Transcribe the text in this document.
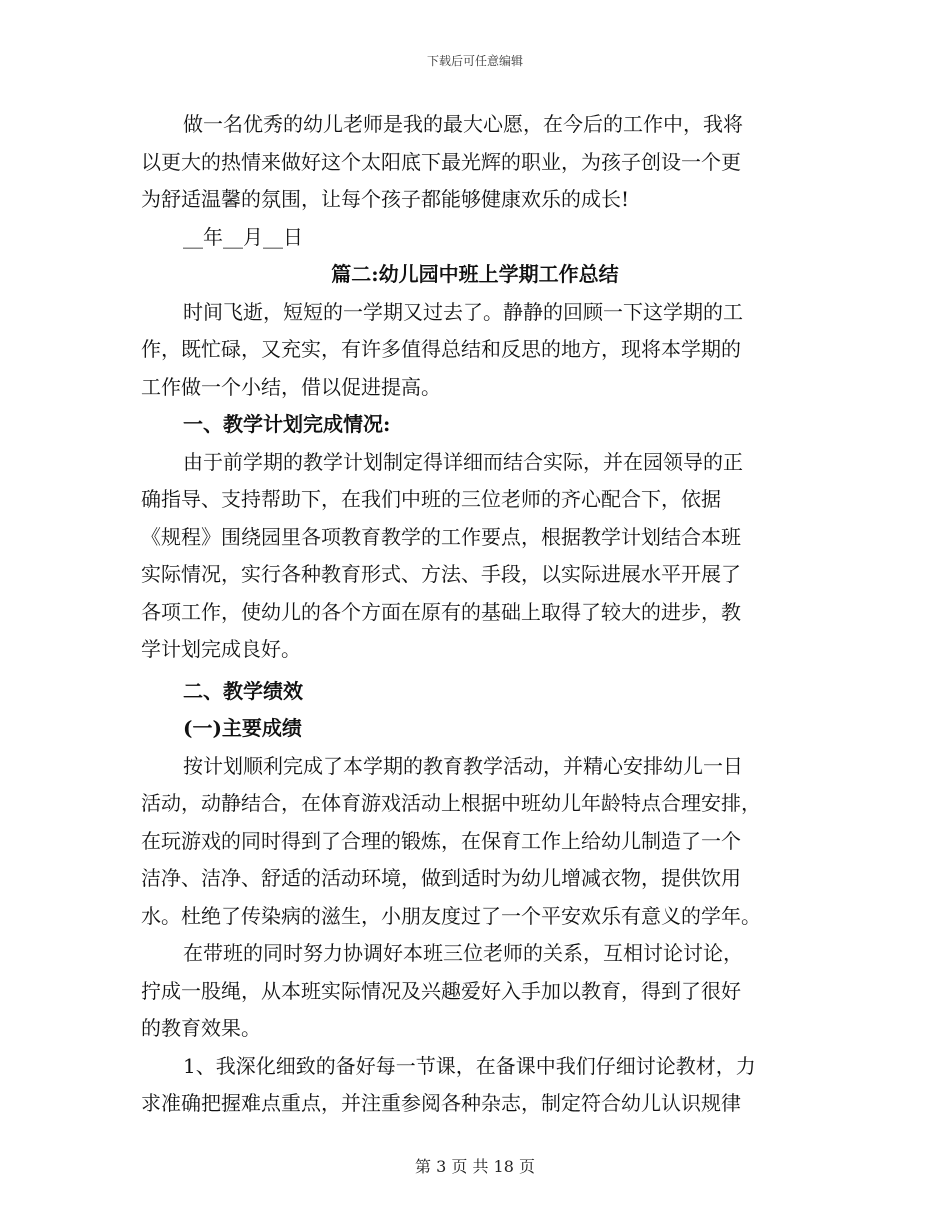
下载后可任意编辑
做一名优秀的幼儿老师是我的最大心愿，在今后的工作中，我将
以更大的热情来做好这个太阳底下最光辉的职业，为孩子创设一个更
为舒适温馨的氛围，让每个孩子都能够健康欢乐的成长!
__年__月__日
篇二:幼儿园中班上学期工作总结
时间飞逝，短短的一学期又过去了。静静的回顾一下这学期的工
作，既忙碌，又充实，有许多值得总结和反思的地方，现将本学期的
工作做一个小结，借以促进提高。
一、教学计划完成情况:
由于前学期的教学计划制定得详细而结合实际，并在园领导的正
确指导、支持帮助下，在我们中班的三位老师的齐心配合下，依据
《规程》围绕园里各项教育教学的工作要点，根据教学计划结合本班
实际情况，实行各种教育形式、方法、手段，以实际进展水平开展了
各项工作，使幼儿的各个方面在原有的基础上取得了较大的进步，教
学计划完成良好。
二、教学绩效
(一)主要成绩
按计划顺利完成了本学期的教育教学活动，并精心安排幼儿一日
活动，动静结合，在体育游戏活动上根据中班幼儿年龄特点合理安排，
在玩游戏的同时得到了合理的锻炼，在保育工作上给幼儿制造了一个
洁净、洁净、舒适的活动环境，做到适时为幼儿增减衣物，提供饮用
水。杜绝了传染病的滋生，小朋友度过了一个平安欢乐有意义的学年。
在带班的同时努力协调好本班三位老师的关系，互相讨论讨论，
拧成一股绳，从本班实际情况及兴趣爱好入手加以教育，得到了很好
的教育效果。
1、我深化细致的备好每一节课，在备课中我们仔细讨论教材，力
求准确把握难点重点，并注重参阅各种杂志，制定符合幼儿认识规律
第 3 页 共 18 页
